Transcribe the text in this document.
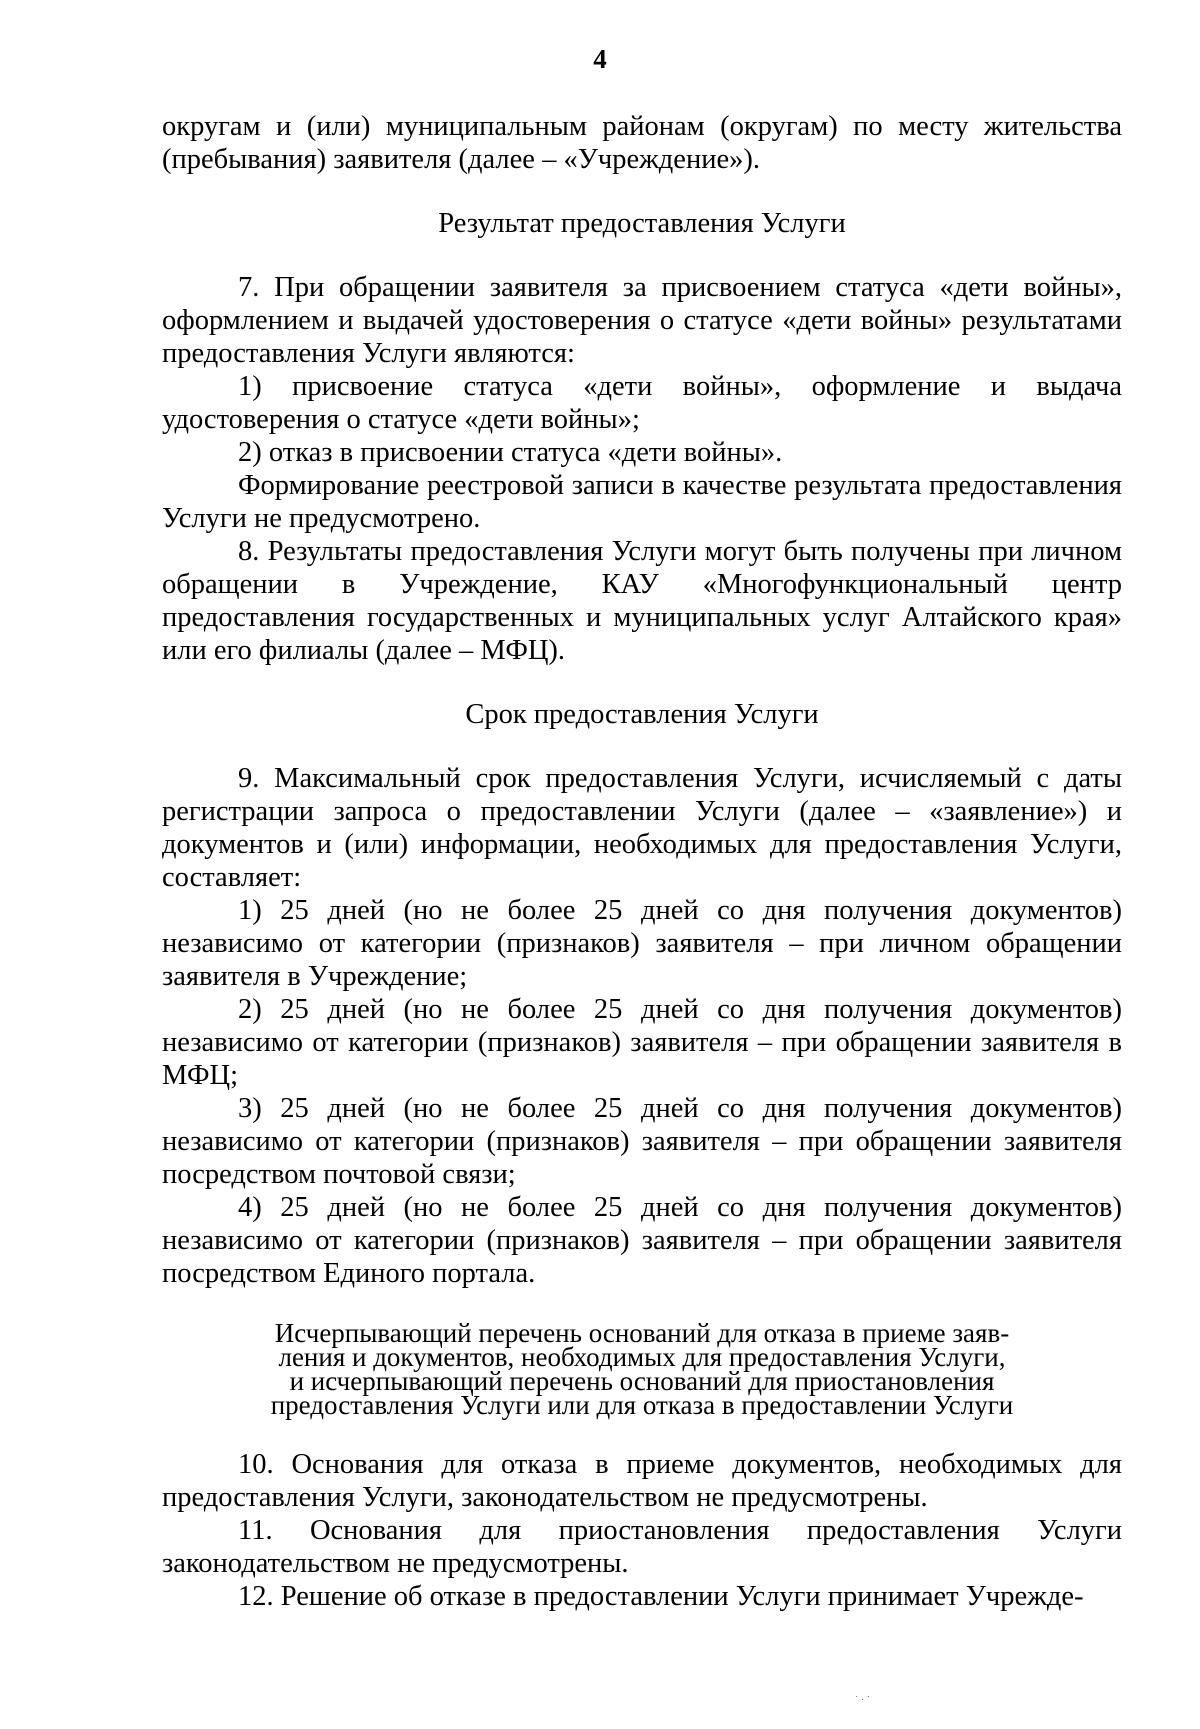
4

округам и (или) муниципальным районам (округам) по месту жительства (пребывания) заявителя (далее – «Учреждение»).

Результат предоставления Услуги

7. При обращении заявителя за присвоением статуса «дети войны», оформлением и выдачей удостоверения о статусе «дети войны» результатами предоставления Услуги являются:

1) присвоение статуса «дети войны», оформление и выдача удостоверения о статусе «дети войны»;

2) отказ в присвоении статуса «дети войны».

Формирование реестровой записи в качестве результата предоставления Услуги не предусмотрено.

8. Результаты предоставления Услуги могут быть получены при личном обращении в Учреждение, КАУ «Многофункциональный центр предоставления государственных и муниципальных услуг Алтайского края» или его филиалы (далее – МФЦ).

Срок предоставления Услуги

9. Максимальный срок предоставления Услуги, исчисляемый с даты регистрации запроса о предоставлении Услуги (далее – «заявление») и документов и (или) информации, необходимых для предоставления Услуги, составляет:

1) 25 дней (но не более 25 дней со дня получения документов) независимо от категории (признаков) заявителя – при личном обращении заявителя в Учреждение;

2) 25 дней (но не более 25 дней со дня получения документов) независимо от категории (признаков) заявителя – при обращении заявителя в МФЦ;

3) 25 дней (но не более 25 дней со дня получения документов) независимо от категории (признаков) заявителя – при обращении заявителя посредством почтовой связи;

4) 25 дней (но не более 25 дней со дня получения документов) независимо от категории (признаков) заявителя – при обращении заявителя посредством Единого портала.

Исчерпывающий перечень оснований для отказа в приеме заяв-
ления и документов, необходимых для предоставления Услуги,
и исчерпывающий перечень оснований для приостановления
предоставления Услуги или для отказа в предоставлении Услуги

10. Основания для отказа в приеме документов, необходимых для предоставления Услуги, законодательством не предусмотрены.

11. Основания для приостановления предоставления Услуги законодательством не предусмотрены.

12. Решение об отказе в предоставлении Услуги принимает Учрежде-

˙ · ˙
